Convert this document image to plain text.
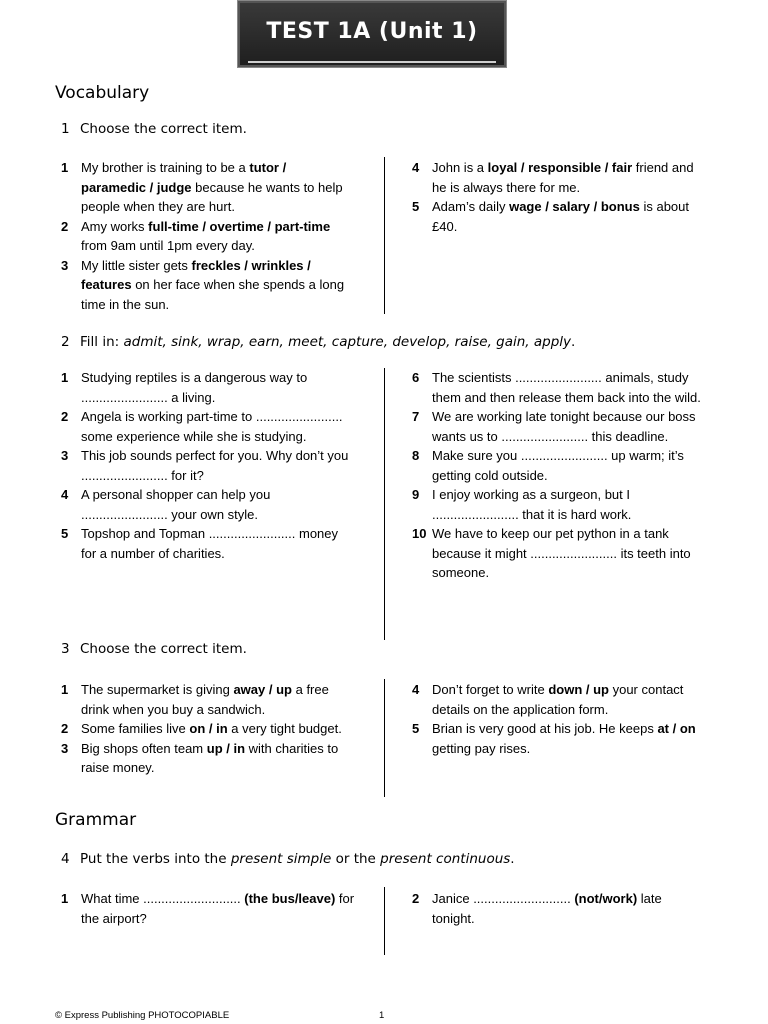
TEST 1A (Unit 1)
Vocabulary
1 Choose the correct item.
1 My brother is training to be a tutor / paramedic / judge because he wants to help people when they are hurt.
2 Amy works full-time / overtime / part-time from 9am until 1pm every day.
3 My little sister gets freckles / wrinkles / features on her face when she spends a long time in the sun.
4 John is a loyal / responsible / fair friend and he is always there for me.
5 Adam’s daily wage / salary / bonus is about £40.
2 Fill in: admit, sink, wrap, earn, meet, capture, develop, raise, gain, apply.
1 Studying reptiles is a dangerous way to ........................ a living.
2 Angela is working part-time to ........................ some experience while she is studying.
3 This job sounds perfect for you. Why don’t you ........................ for it?
4 A personal shopper can help you ........................ your own style.
5 Topshop and Topman ........................ money for a number of charities.
6 The scientists ........................ animals, study them and then release them back into the wild.
7 We are working late tonight because our boss wants us to ........................ this deadline.
8 Make sure you ........................ up warm; it’s getting cold outside.
9 I enjoy working as a surgeon, but I ........................ that it is hard work.
10 We have to keep our pet python in a tank because it might ........................ its teeth into someone.
3 Choose the correct item.
1 The supermarket is giving away / up a free drink when you buy a sandwich.
2 Some families live on / in a very tight budget.
3 Big shops often team up / in with charities to raise money.
4 Don’t forget to write down / up your contact details on the application form.
5 Brian is very good at his job. He keeps at / on getting pay rises.
Grammar
4 Put the verbs into the present simple or the present continuous.
1 What time ........................... (the bus/leave) for the airport?
2 Janice ........................... (not/work) late tonight.
© Express Publishing PHOTOCOPIABLE	1
